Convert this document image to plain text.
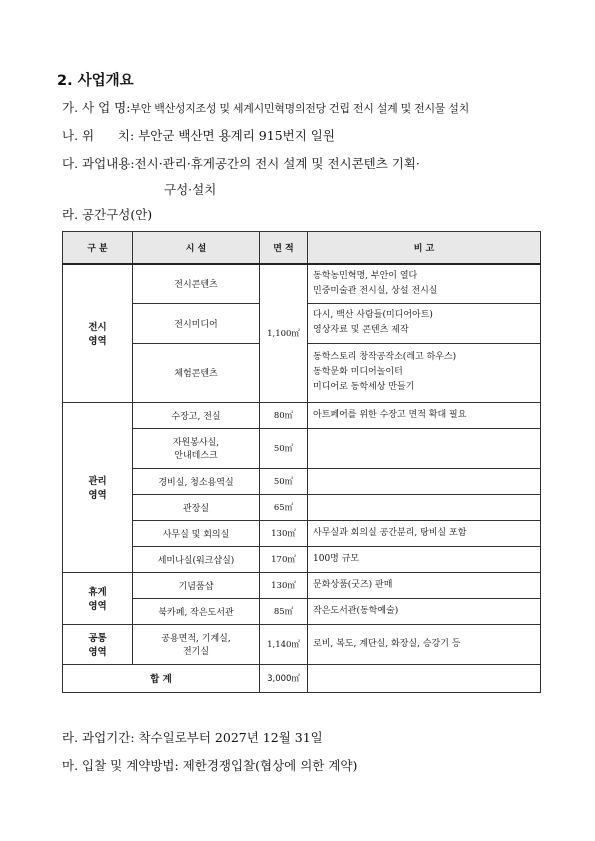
2. 사업개요
가. 사 업 명:부안 백산성지조성 및 세계시민혁명의전당 건립 전시 설계 및 전시물 설치
나. 위      치: 부안군 백산면 용계리 915번지 일원
다. 과업내용:전시·관리·휴게공간의 전시 설계 및 전시콘텐츠 기획·
구성·설치
라. 공간구성(안)
구 분	시 설	면 적	비 고

전시
영역	전시콘텐츠	1,100㎡	동학농민혁명, 부안이 열다
민중미술관 전시실, 상설 전시실

	전시미디어		다시, 백산 사람들(미디어아트)
영상자료 및 콘텐츠 제작

	체험콘텐츠		동학스토리 창작공작소(레고 하우스)
동학문화 미디어놀이터
미디어로 동학세상 만들기

관리
영역	수장고, 전실	80㎡	아트페어를 위한 수장고 면적 확대 필요

	자원봉사실,
안내데스크	50㎡	
	경비실, 청소용역실	50㎡	
	관장실	65㎡	
	사무실 및 회의실	130㎡	사무실과 회의실 공간분리, 탕비실 포함
	세미나실(워크샵실)	170㎡	100명 규모

휴게
영역	기념품샵	130㎡	문화상품(굿즈) 판매
	북카페, 작은도서관	85㎡	작은도서관(동학예술)

공통
영역	공용면적, 기계실,
전기실	1,140㎡	로비, 복도, 계단실, 화장실, 승강기 등
합 계		3,000㎡	
라. 과업기간: 착수일로부터 2027년 12월 31일
마. 입찰 및 계약방법: 제한경쟁입찰(협상에 의한 계약)
